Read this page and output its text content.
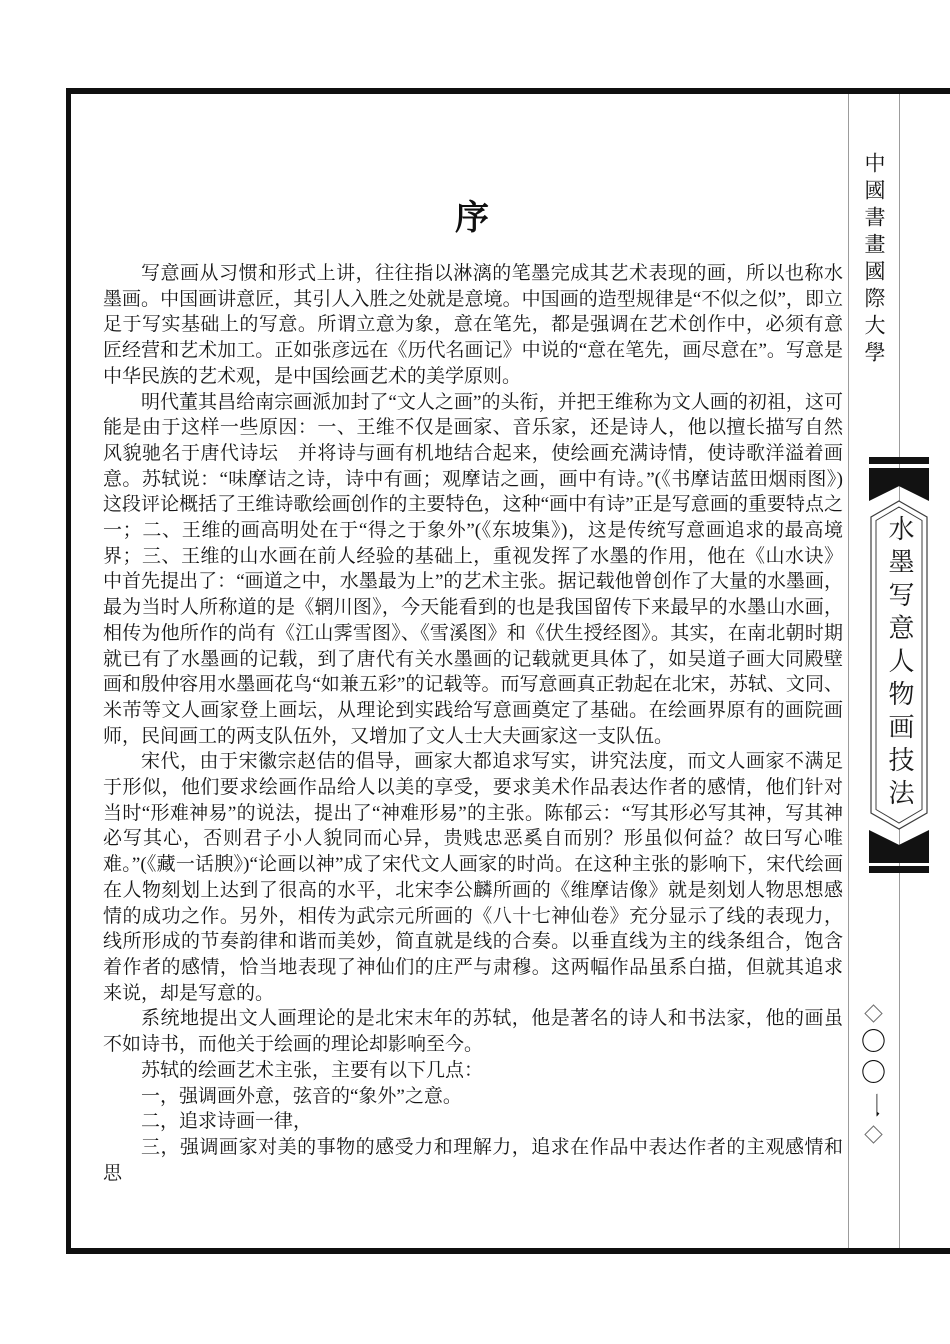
序

写意画从习惯和形式上讲，往往指以淋漓的笔墨完成其艺术表现的画，所以也称水墨画。中国画讲意匠，其引人入胜之处就是意境。中国画的造型规律是“不似之似”，即立足于写实基础上的写意。所谓立意为象，意在笔先，都是强调在艺术创作中，必须有意匠经营和艺术加工。正如张彦远在《历代名画记》中说的“意在笔先，画尽意在”。写意是中华民族的艺术观，是中国绘画艺术的美学原则。

明代董其昌给南宗画派加封了“文人之画”的头衔，并把王维称为文人画的初祖，这可能是由于这样一些原因：一、王维不仅是画家、音乐家，还是诗人，他以擅长描写自然风貌驰名于唐代诗坛　并将诗与画有机地结合起来，使绘画充满诗情，使诗歌洋溢着画意。苏轼说：“味摩诘之诗，诗中有画；观摩诘之画，画中有诗。”(《书摩诘蓝田烟雨图》) 这段评论概括了王维诗歌绘画创作的主要特色，这种“画中有诗”正是写意画的重要特点之一；二、王维的画高明处在于“得之于象外”(《东坡集》)，这是传统写意画追求的最高境界；三、王维的山水画在前人经验的基础上，重视发挥了水墨的作用，他在《山水诀》中首先提出了：“画道之中，水墨最为上”的艺术主张。据记载他曾创作了大量的水墨画，最为当时人所称道的是《辋川图》，今天能看到的也是我国留传下来最早的水墨山水画，相传为他所作的尚有《江山霁雪图》、《雪溪图》和《伏生授经图》。其实，在南北朝时期就已有了水墨画的记载，到了唐代有关水墨画的记载就更具体了，如吴道子画大同殿壁画和殷仲容用水墨画花鸟“如兼五彩”的记载等。而写意画真正勃起在北宋，苏轼、文同、米芾等文人画家登上画坛，从理论到实践给写意画奠定了基础。在绘画界原有的画院画师，民间画工的两支队伍外，又增加了文人士大夫画家这一支队伍。

宋代，由于宋徽宗赵佶的倡导，画家大都追求写实，讲究法度，而文人画家不满足于形似，他们要求绘画作品给人以美的享受，要求美术作品表达作者的感情，他们针对当时“形难神易”的说法，提出了“神难形易”的主张。陈郁云：“写其形必写其神，写其神必写其心，否则君子小人貌同而心异，贵贱忠恶奚自而别？形虽似何益？故曰写心唯难。”(《藏一话腴》)“论画以神”成了宋代文人画家的时尚。在这种主张的影响下，宋代绘画在人物刻划上达到了很高的水平，北宋李公麟所画的《维摩诘像》就是刻划人物思想感情的成功之作。另外，相传为武宗元所画的《八十七神仙卷》充分显示了线的表现力，线所形成的节奏韵律和谐而美妙，简直就是线的合奏。以垂直线为主的线条组合，饱含着作者的感情，恰当地表现了神仙们的庄严与肃穆。这两幅作品虽系白描，但就其追求来说，却是写意的。

系统地提出文人画理论的是北宋末年的苏轼，他是著名的诗人和书法家，他的画虽不如诗书，而他关于绘画的理论却影响至今。

苏轼的绘画艺术主张，主要有以下几点：

一，强调画外意，弦音的“象外”之意。

二，追求诗画一律，

三，强调画家对美的事物的感受力和理解力，追求在作品中表达作者的主观感情和思

中國書畫國際大學
水墨写意人物画技法
〇
〇
一
